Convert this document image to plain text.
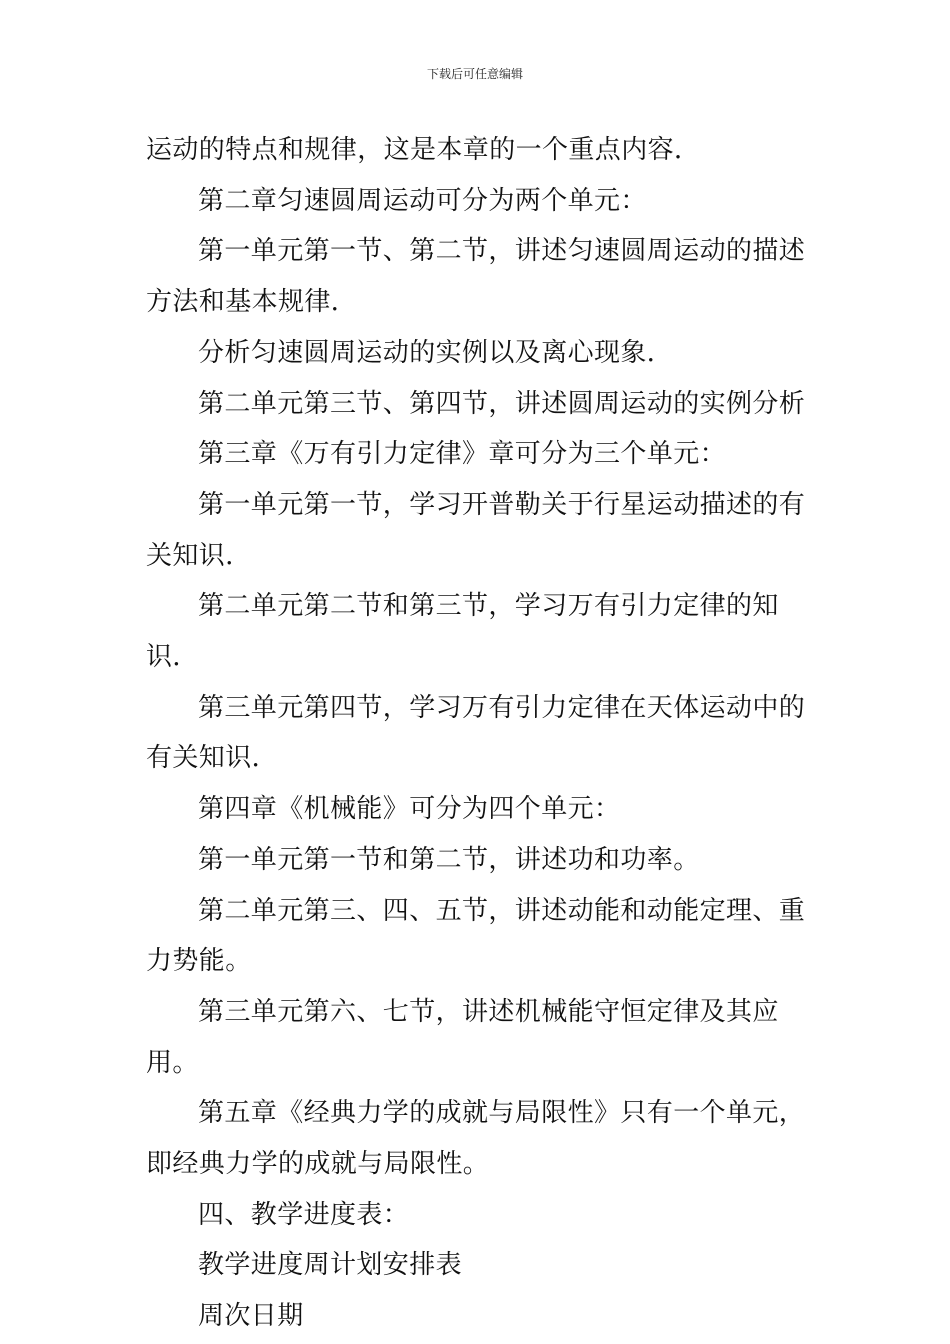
下载后可任意编辑

运动的特点和规律，这是本章的一个重点内容．

第二章匀速圆周运动可分为两个单元：

第一单元第一节、第二节，讲述匀速圆周运动的描述方法和基本规律．

分析匀速圆周运动的实例以及离心现象．

第二单元第三节、第四节，讲述圆周运动的实例分析

第三章《万有引力定律》章可分为三个单元：

第一单元第一节，学习开普勒关于行星运动描述的有关知识．

第二单元第二节和第三节，学习万有引力定律的知识．

第三单元第四节，学习万有引力定律在天体运动中的有关知识．

第四章《机械能》可分为四个单元：

第一单元第一节和第二节，讲述功和功率。

第二单元第三、四、五节，讲述动能和动能定理、重力势能。

第三单元第六、七节，讲述机械能守恒定律及其应用。

第五章《经典力学的成就与局限性》只有一个单元，即经典力学的成就与局限性。

四、教学进度表：

教学进度周计划安排表

周次日期
